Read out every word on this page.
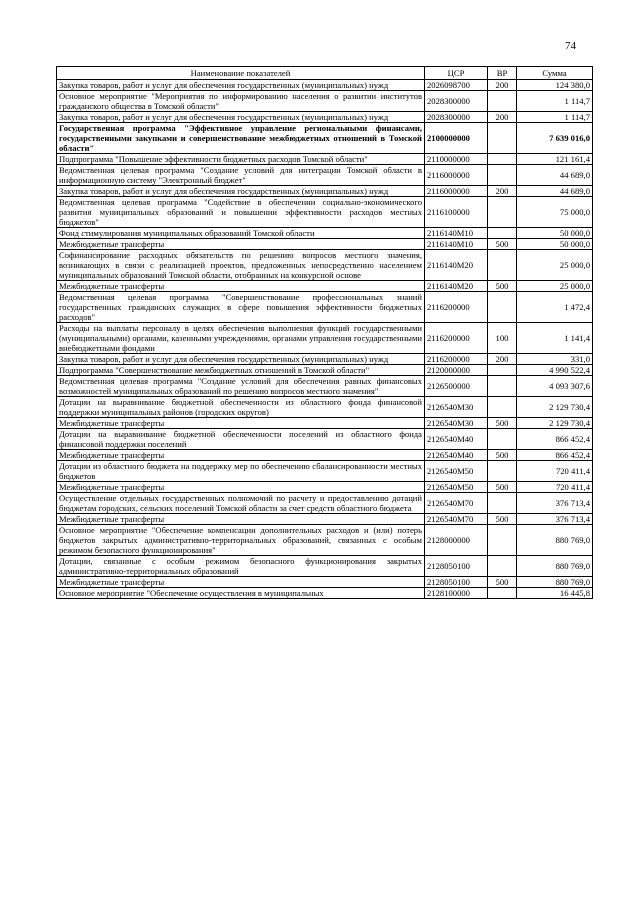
74
Наименование показателей	ЦСР	ВР	Сумма
Закупка товаров, работ и услуг для обеспечения государственных (муниципальных) нужд	2026098700	200	124 380,0
Основное мероприятие "Мероприятия по информированию населения о развитии институтов гражданского общества в Томской области"	2028300000		1 114,7
Закупка товаров, работ и услуг для обеспечения государственных (муниципальных) нужд	2028300000	200	1 114,7
Государственная программа "Эффективное управление региональными финансами, государственными закупками и совершенствование межбюджетных отношений в Томской области"	2100000000		7 639 016,0
Подпрограмма "Повышение эффективности бюджетных расходов Томской области"	2110000000		121 161,4
Ведомственная целевая программа "Создание условий для интеграции Томской области в информационную систему "Электронный бюджет"	2116000000		44 689,0
Закупка товаров, работ и услуг для обеспечения государственных (муниципальных) нужд	2116000000	200	44 689,0
Ведомственная целевая программа "Содействие в обеспечении социально-экономического развития муниципальных образований и повышении эффективности расходов местных бюджетов"	2116100000		75 000,0
Фонд стимулирования муниципальных образований Томской области	2116140М10		50 000,0
Межбюджетные трансферты	2116140М10	500	50 000,0
Софинансирование расходных обязательств по решению вопросов местного значения, возникающих в связи с реализацией проектов, предложенных непосредственно населением муниципальных образований Томской области, отобранных на конкурсной основе	2116140М20		25 000,0
Межбюджетные трансферты	2116140М20	500	25 000,0
Ведомственная целевая программа "Совершенствование профессиональных знаний государственных гражданских служащих в сфере повышения эффективности бюджетных расходов"	2116200000		1 472,4
Расходы на выплаты персоналу в целях обеспечения выполнения функций государственными (муниципальными) органами, казенными учреждениями, органами управления государственными внебюджетными фондами	2116200000	100	1 141,4
Закупка товаров, работ и услуг для обеспечения государственных (муниципальных) нужд	2116200000	200	331,0
Подпрограмма "Совершенствование межбюджетных отношений в Томской области"	2120000000		4 990 522,4
Ведомственная целевая программа "Создание условий для обеспечения равных финансовых возможностей муниципальных образований по решению вопросов местного значения"	2126500000		4 093 307,6
Дотации на выравнивание бюджетной обеспеченности из областного фонда финансовой поддержки муниципальных районов (городских округов)	2126540М30		2 129 730,4
Межбюджетные трансферты	2126540М30	500	2 129 730,4
Дотации на выравнивание бюджетной обеспеченности поселений из областного фонда финансовой поддержки поселений	2126540М40		866 452,4
Межбюджетные трансферты	2126540М40	500	866 452,4
Дотации из областного бюджета на поддержку мер по обеспечению сбалансированности местных бюджетов	2126540М50		720 411,4
Межбюджетные трансферты	2126540М50	500	720 411,4
Осуществление отдельных государственных полномочий по расчету и предоставлению дотаций бюджетам городских, сельских поселений Томской области за счет средств областного бюджета	2126540М70		376 713,4
Межбюджетные трансферты	2126540М70	500	376 713,4
Основное мероприятие "Обеспечение компенсации дополнительных расходов и (или) потерь бюджетов закрытых административно-территориальных образований, связанных с особым режимом безопасного функционирования"	2128000000		880 769,0
Дотации, связанные с особым режимом безопасного функционирования закрытых административно-территориальных образований	2128050100		880 769,0
Межбюджетные трансферты	2128050100	500	880 769,0
Основное мероприятие "Обеспечение осуществления в муниципальных	2128100000		16 445,8
